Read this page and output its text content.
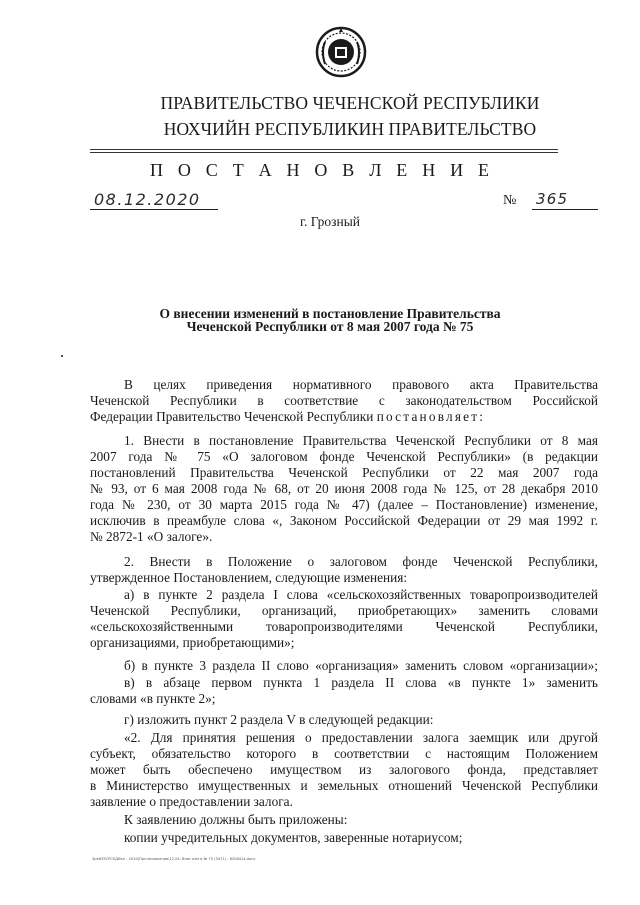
ПРАВИТЕЛЬСТВО ЧЕЧЕНСКОЙ РЕСПУБЛИКИ
НОХЧИЙН РЕСПУБЛИКИН ПРАВИТЕЛЬСТВО
П О С Т А Н О В Л Е Н И Е
08.12.2020	№ 365
г. Грозный
О внесении изменений в постановление Правительства
Чеченской Республики от 8 мая 2007 года № 75
В целях приведения нормативного правового акта Правительства
Чеченской Республики в соответствие с законодательством Российской
Федерации Правительство Чеченской Республики постановляет:
1. Внести в постановление Правительства Чеченской Республики от 8 мая
2007 года № 75 «О залоговом фонде Чеченской Республики» (в редакции
постановлений Правительства Чеченской Республики от 22 мая 2007 года
№ 93, от 6 мая 2008 года № 68, от 20 июня 2008 года № 125, от 28 декабря 2010
года № 230, от 30 марта 2015 года № 47) (далее – Постановление) изменение,
исключив в преамбуле слова «, Законом Российской Федерации от 29 мая 1992 г.
№ 2872-1 «О залоге».
2. Внести в Положение о залоговом фонде Чеченской Республики,
утвержденное Постановлением, следующие изменения:
а) в пункте 2 раздела I слова «сельскохозяйственных товаропроизводителей
Чеченской Республики, организаций, приобретающих» заменить словами
«сельскохозяйственными товаропроизводителями Чеченской Республики,
организациями, приобретающими»;
б) в пункте 3 раздела II слово «организация» заменить словом «организации»;
в) в абзаце первом пункта 1 раздела II слова «в пункте 1» заменить
словами «в пункте 2»;
г) изложить пункт 2 раздела V в следующей редакции:
«2. Для принятия решения о предоставлении залога заемщик или другой
субъект, обязательство которого в соответствии с настоящим Положением
может быть обеспечено имуществом из залогового фонда, представляет
в Министерство имущественных и земельных отношений Чеченской Республики
заявление о предоставлении залога.
К заявлению должны быть приложены:
копии учредительных документов, заверенные нотариусом;
3ре635СРСЕДИкл - 2020\Постановления\12.04. Внес изм в № 75 (3471) - 8208414.docx
